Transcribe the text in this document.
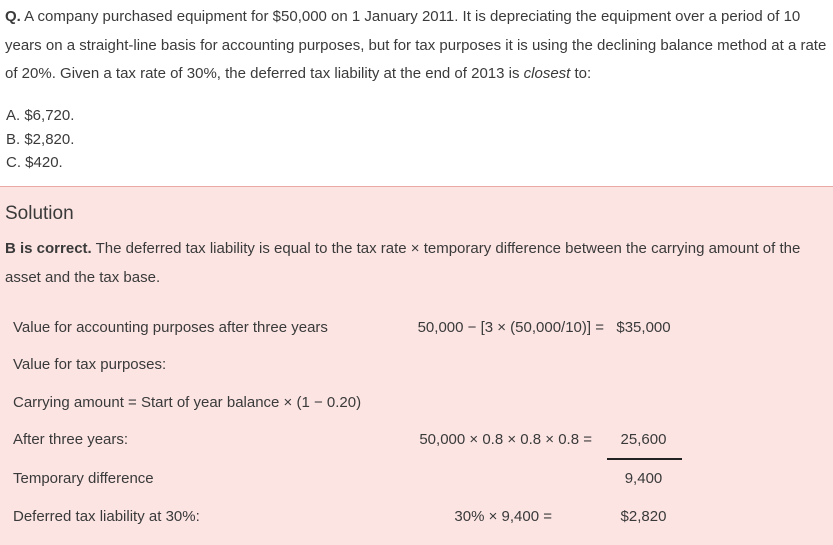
Q. A company purchased equipment for $50,000 on 1 January 2011. It is depreciating the equipment over a period of 10 years on a straight-line basis for accounting purposes, but for tax purposes it is using the declining balance method at a rate of 20%. Given a tax rate of 30%, the deferred tax liability at the end of 2013 is closest to:
A. $6,720.
B. $2,820.
C. $420.
Solution
B is correct. The deferred tax liability is equal to the tax rate × temporary difference between the carrying amount of the asset and the tax base.
Value for accounting purposes after three years	50,000 − [3 × (50,000/10)] = $35,000
Value for tax purposes:
Carrying amount = Start of year balance × (1 − 0.20)
After three years:	50,000 × 0.8 × 0.8 × 0.8 =	25,600
Temporary difference	9,400
Deferred tax liability at 30%:	30% × 9,400 =	$2,820
